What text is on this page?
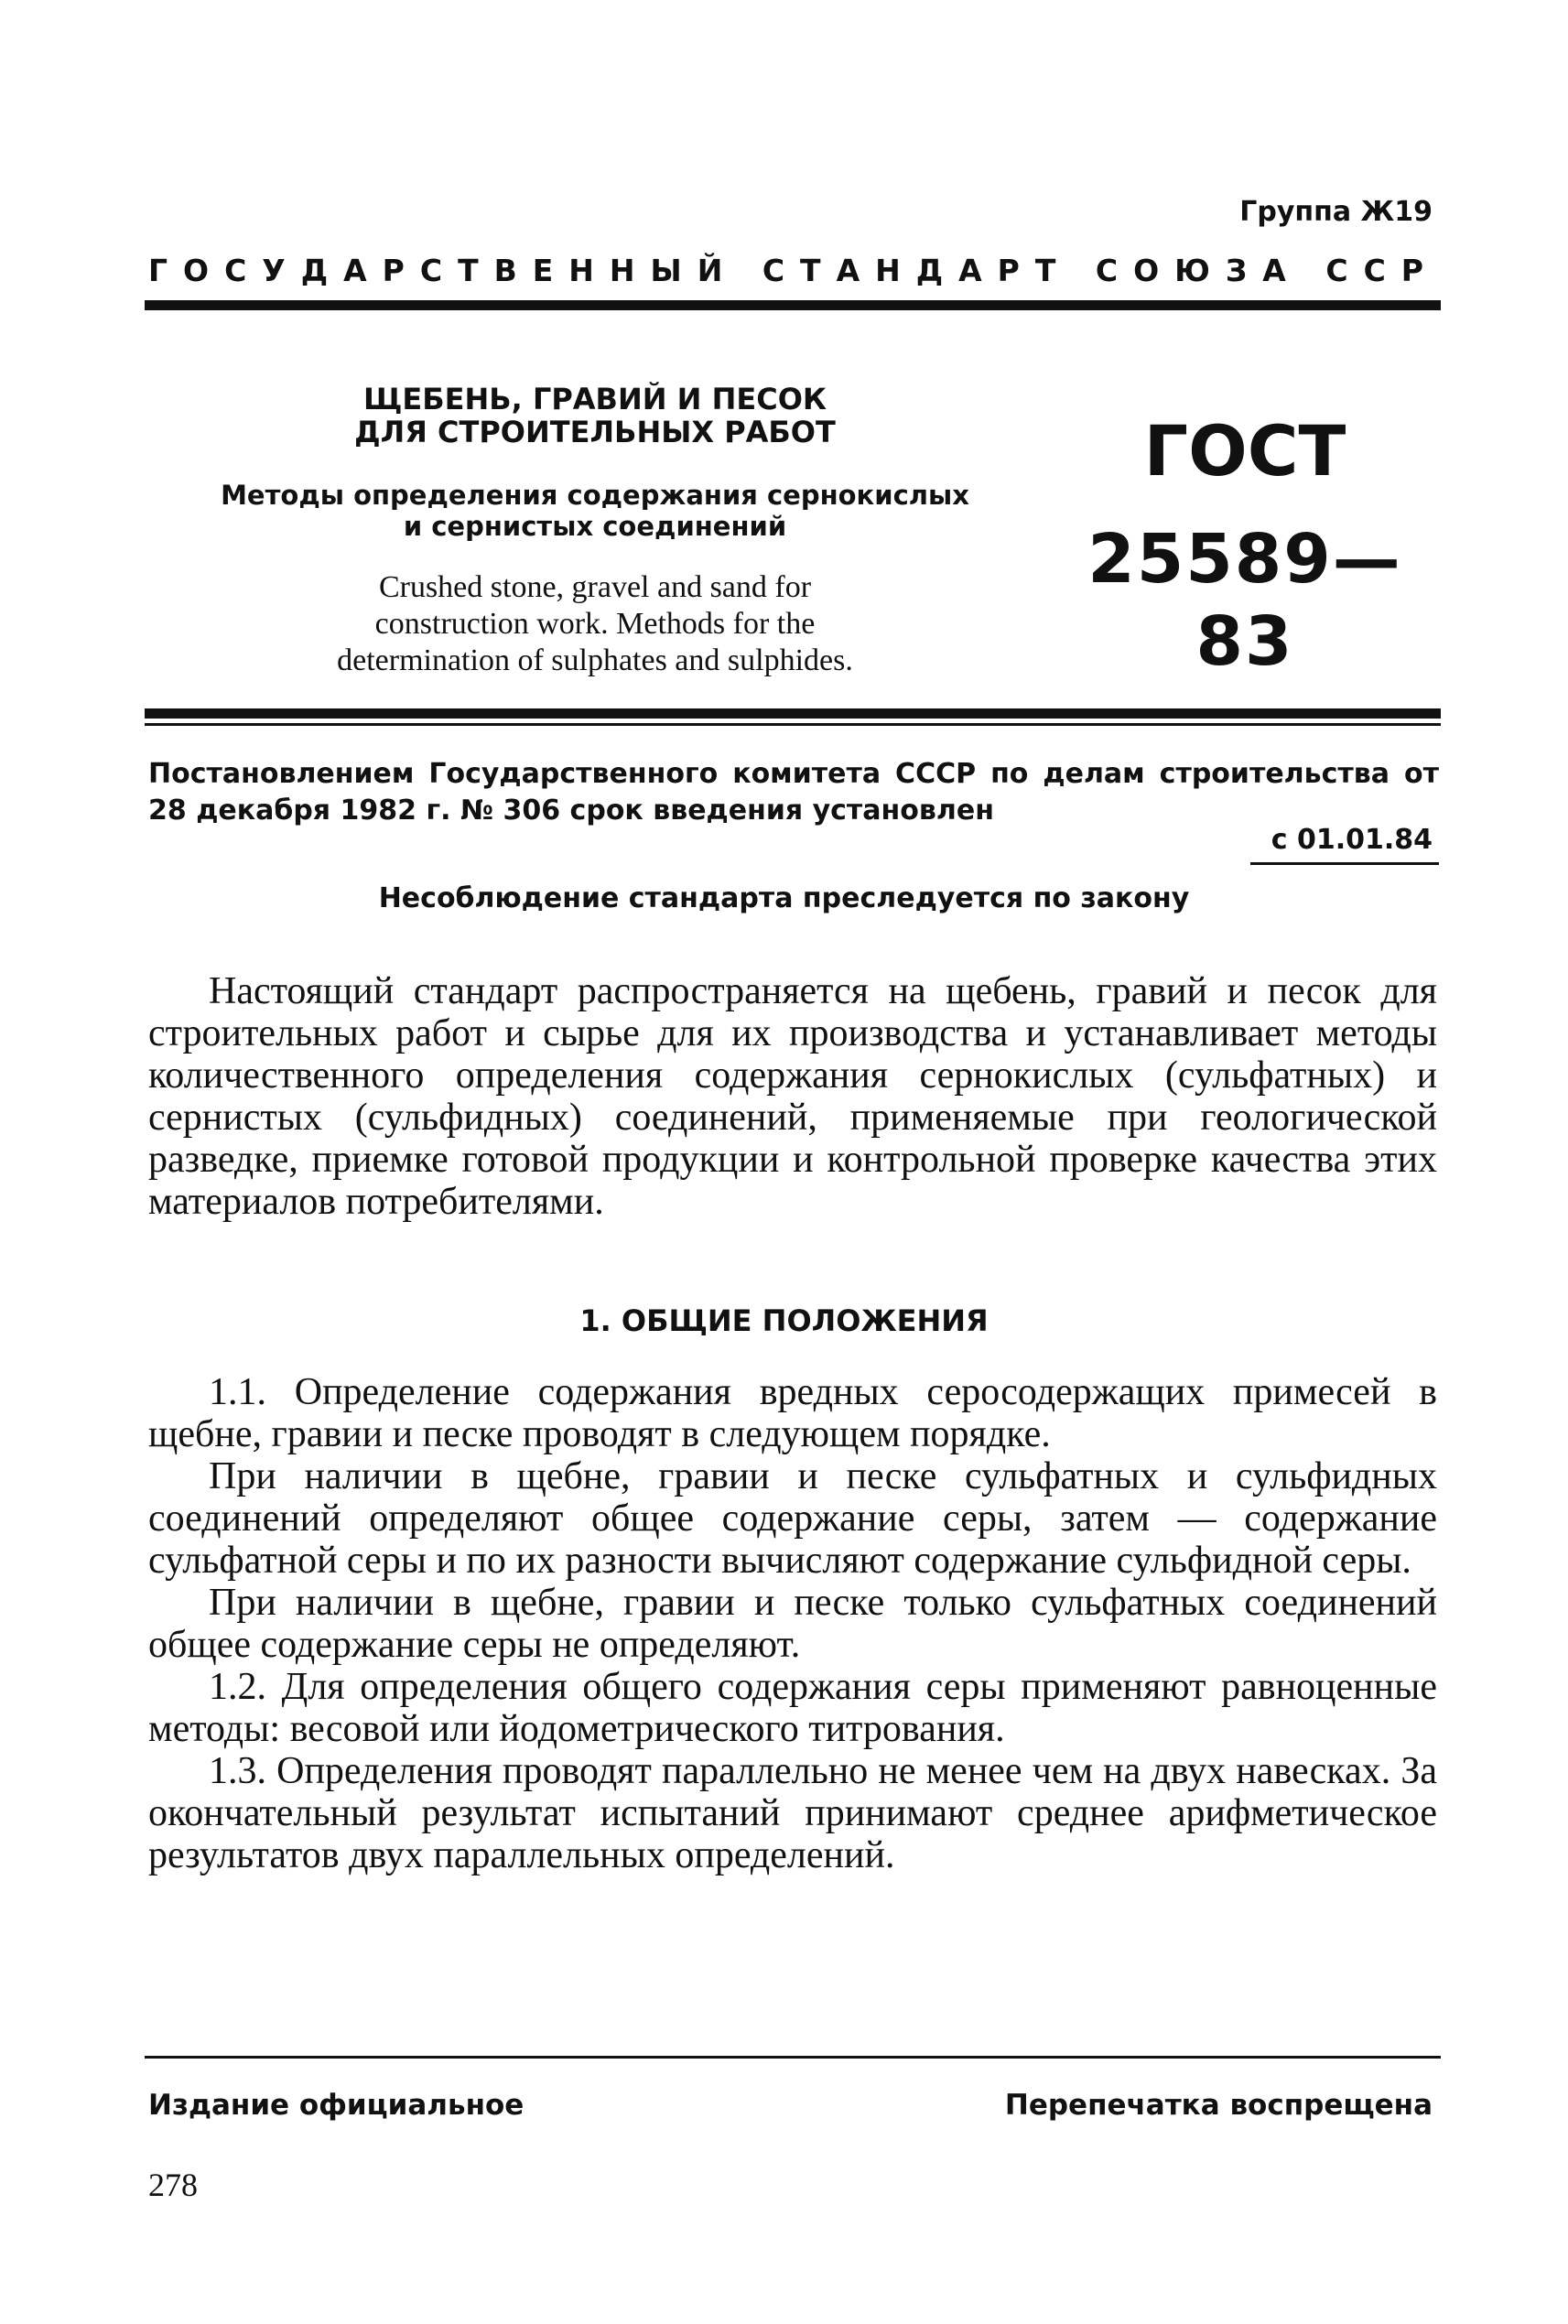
Группа Ж19
ГОСУДАРСТВЕННЫЙ СТАНДАРТ СОЮЗА ССР
ЩЕБЕНЬ, ГРАВИЙ И ПЕСОК
ДЛЯ СТРОИТЕЛЬНЫХ РАБОТ
Методы определения содержания сернокислых
и сернистых соединений
Crushed stone, gravel and sand for
construction work. Methods for the
determination of sulphates and sulphides.
ГОСТ
25589—83
Постановлением Государственного комитета СССР по делам строительства от 28 декабря 1982 г. № 306 срок введения установлен
с 01.01.84
Несоблюдение стандарта преследуется по закону

Настоящий стандарт распространяется на щебень, гравий и песок для строительных работ и сырье для их производства и устанавливает методы количественного определения содержания сернокислых (сульфатных) и сернистых (сульфидных) соединений, применяемые при геологической разведке, приемке готовой продукции и контрольной проверке качества этих материалов потребителями.

1. ОБЩИЕ ПОЛОЖЕНИЯ

1.1. Определение содержания вредных серосодержащих примесей в щебне, гравии и песке проводят в следующем порядке.

При наличии в щебне, гравии и песке сульфатных и сульфидных соединений определяют общее содержание серы, затем — содержание сульфатной серы и по их разности вычисляют содержание сульфидной серы.

При наличии в щебне, гравии и песке только сульфатных соединений общее содержание серы не определяют.

1.2. Для определения общего содержания серы применяют равноценные методы: весовой или йодометрического титрования.

1.3. Определения проводят параллельно не менее чем на двух навесках. За окончательный результат испытаний принимают среднее арифметическое результатов двух параллельных определений.

Издание официальное	Перепечатка воспрещена
278
